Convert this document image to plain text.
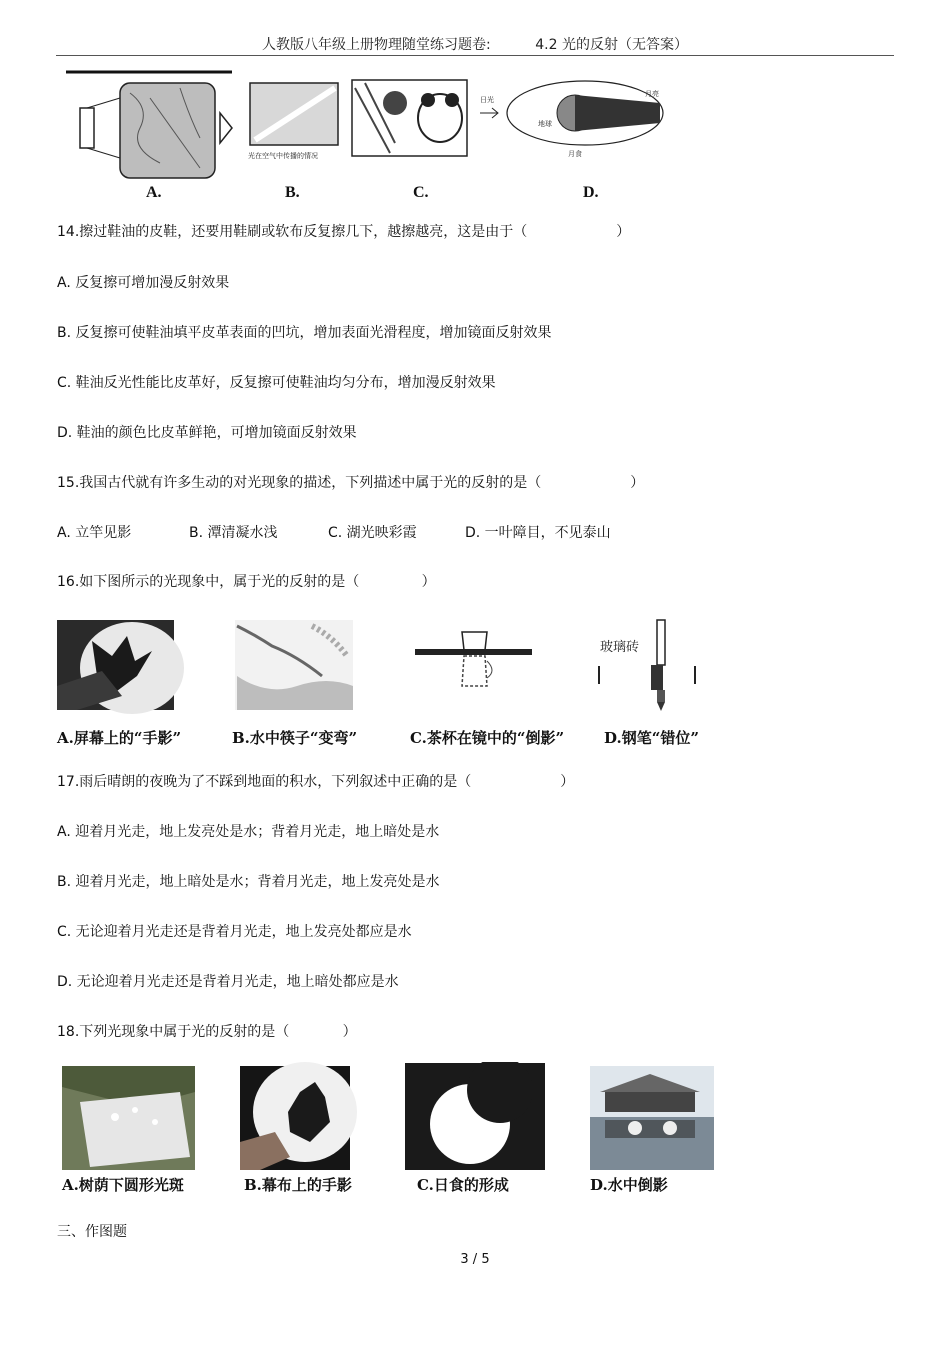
人教版八年级上册物理随堂练习题卷:	4.2 光的反射（无答案）
光在空气中传播的情况
日光
月亮
地球
月食
A.	B.	C.	D.
14.擦过鞋油的皮鞋，还要用鞋刷或软布反复擦几下，越擦越亮，这是由于（                    ）
A. 反复擦可增加漫反射效果
B. 反复擦可使鞋油填平皮革表面的凹坑，增加表面光滑程度，增加镜面反射效果
C. 鞋油反光性能比皮革好，反复擦可使鞋油均匀分布，增加漫反射效果
D. 鞋油的颜色比皮革鲜艳，可增加镜面反射效果
15.我国古代就有许多生动的对光现象的描述，下列描述中属于光的反射的是（                    ）
A. 立竿见影	B. 潭清凝水浅	C. 湖光映彩霞	D. 一叶障目，不见泰山
16.如下图所示的光现象中，属于光的反射的是（              ）
玻璃砖
A.屏幕上的“手影”	B.水中筷子“变弯”	C.茶杯在镜中的“倒影”	D.钢笔“错位”
17.雨后晴朗的夜晚为了不踩到地面的积水，下列叙述中正确的是（                    ）
A. 迎着月光走，地上发亮处是水；背着月光走，地上暗处是水
B. 迎着月光走，地上暗处是水；背着月光走，地上发亮处是水
C. 无论迎着月光走还是背着月光走，地上发亮处都应是水
D. 无论迎着月光走还是背着月光走，地上暗处都应是水
18.下列光现象中属于光的反射的是（            ）
A.树荫下圆形光斑	B.幕布上的手影	C.日食的形成	D.水中倒影
三、作图题
3 / 5
